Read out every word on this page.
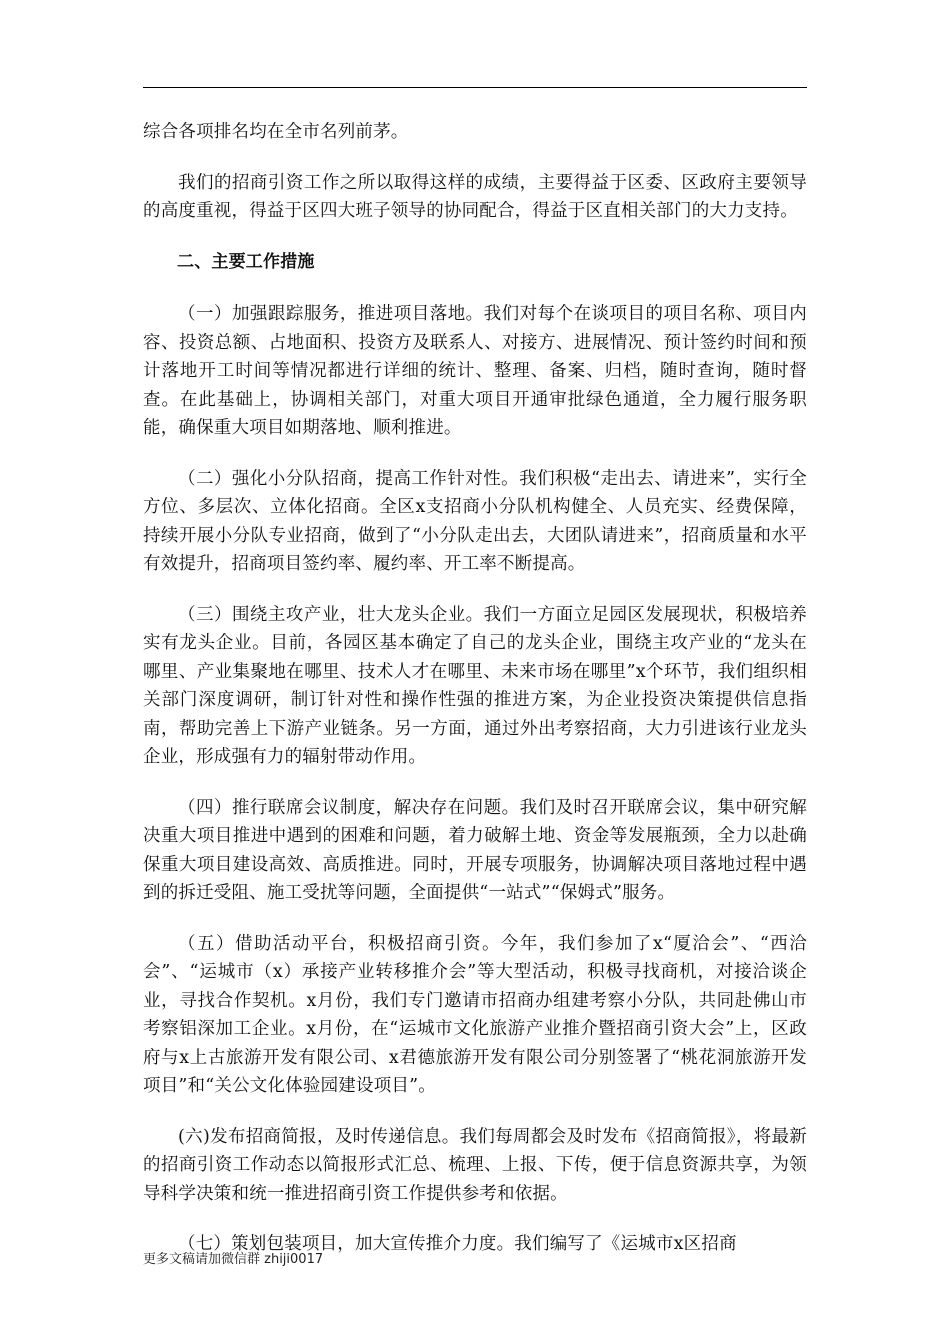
综合各项排名均在全市名列前茅。

我们的招商引资工作之所以取得这样的成绩，主要得益于区委、区政府主要领导的高度重视，得益于区四大班子领导的协同配合，得益于区直相关部门的大力支持。

二、主要工作措施

（一）加强跟踪服务，推进项目落地。我们对每个在谈项目的项目名称、项目内容、投资总额、占地面积、投资方及联系人、对接方、进展情况、预计签约时间和预计落地开工时间等情况都进行详细的统计、整理、备案、归档，随时查询，随时督查。在此基础上，协调相关部门，对重大项目开通审批绿色通道，全力履行服务职能，确保重大项目如期落地、顺利推进。

（二）强化小分队招商，提高工作针对性。我们积极“走出去、请进来”，实行全方位、多层次、立体化招商。全区x支招商小分队机构健全、人员充实、经费保障，持续开展小分队专业招商，做到了“小分队走出去，大团队请进来”，招商质量和水平有效提升，招商项目签约率、履约率、开工率不断提高。

（三）围绕主攻产业，壮大龙头企业。我们一方面立足园区发展现状，积极培养实有龙头企业。目前，各园区基本确定了自己的龙头企业，围绕主攻产业的“龙头在哪里、产业集聚地在哪里、技术人才在哪里、未来市场在哪里”x个环节，我们组织相关部门深度调研，制订针对性和操作性强的推进方案，为企业投资决策提供信息指南，帮助完善上下游产业链条。另一方面，通过外出考察招商，大力引进该行业龙头企业，形成强有力的辐射带动作用。

（四）推行联席会议制度，解决存在问题。我们及时召开联席会议，集中研究解决重大项目推进中遇到的困难和问题，着力破解土地、资金等发展瓶颈，全力以赴确保重大项目建设高效、高质推进。同时，开展专项服务，协调解决项目落地过程中遇到的拆迁受阻、施工受扰等问题，全面提供“一站式”“保姆式”服务。

（五）借助活动平台，积极招商引资。今年，我们参加了x“厦洽会”、“西洽会”、“运城市（x）承接产业转移推介会”等大型活动，积极寻找商机，对接洽谈企业，寻找合作契机。x月份，我们专门邀请市招商办组建考察小分队，共同赴佛山市考察铝深加工企业。x月份，在“运城市文化旅游产业推介暨招商引资大会”上，区政府与x上古旅游开发有限公司、x君德旅游开发有限公司分别签署了“桃花洞旅游开发项目”和“关公文化体验园建设项目”。

(六)发布招商简报，及时传递信息。我们每周都会及时发布《招商简报》，将最新的招商引资工作动态以简报形式汇总、梳理、上报、下传，便于信息资源共享，为领导科学决策和统一推进招商引资工作提供参考和依据。

（七）策划包装项目，加大宣传推介力度。我们编写了《运城市x区招商

更多文稿请加微信群 zhiji0017
